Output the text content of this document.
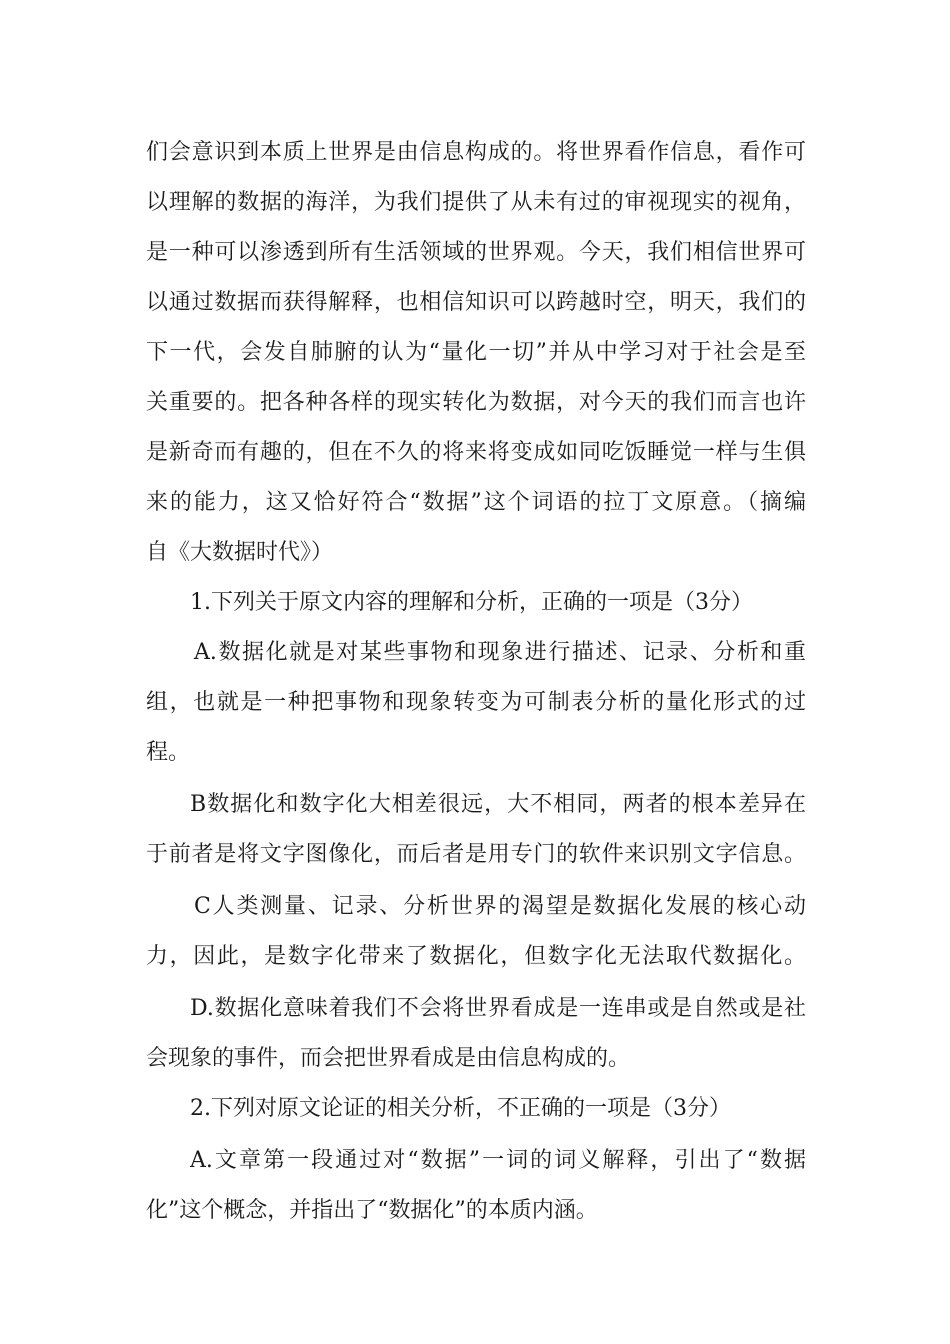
们会意识到本质上世界是由信息构成的。将世界看作信息，看作可
以理解的数据的海洋，为我们提供了从未有过的审视现实的视角，
是一种可以渗透到所有生活领域的世界观。今天，我们相信世界可
以通过数据而获得解释，也相信知识可以跨越时空，明天，我们的
下一代，会发自肺腑的认为“量化一切”并从中学习对于社会是至
关重要的。把各种各样的现实转化为数据，对今天的我们而言也许
是新奇而有趣的，但在不久的将来将变成如同吃饭睡觉一样与生俱
来的能力，这又恰好符合“数据”这个词语的拉丁文原意。（摘编
自《大数据时代》）
1.下列关于原文内容的理解和分析，正确的一项是（3分）
A.数据化就是对某些事物和现象进行描述、记录、分析和重
组，也就是一种把事物和现象转变为可制表分析的量化形式的过
程。
B数据化和数字化大相差很远，大不相同，两者的根本差异在
于前者是将文字图像化，而后者是用专门的软件来识别文字信息。
C人类测量、记录、分析世界的渴望是数据化发展的核心动
力，因此，是数字化带来了数据化，但数字化无法取代数据化。
D.数据化意味着我们不会将世界看成是一连串或是自然或是社
会现象的事件，而会把世界看成是由信息构成的。
2.下列对原文论证的相关分析，不正确的一项是（3分）
A.文章第一段通过对“数据”一词的词义解释，引出了“数据
化”这个概念，并指出了“数据化”的本质内涵。
